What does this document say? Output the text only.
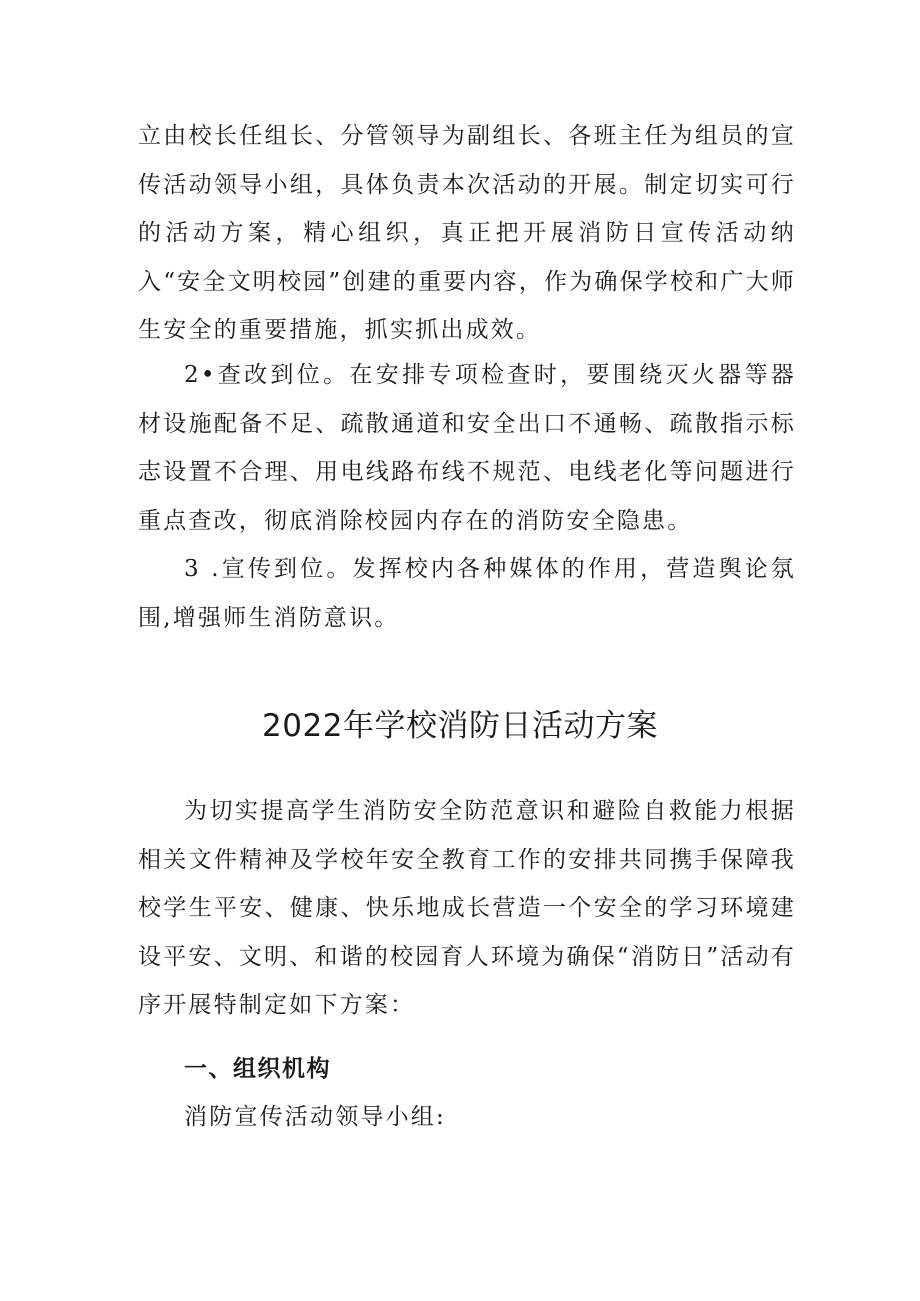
立由校长任组长、分管领导为副组长、各班主任为组员的宣传活动领导小组，具体负责本次活动的开展。制定切实可行的活动方案，精心组织，真正把开展消防日宣传活动纳入“安全文明校园”创建的重要内容，作为确保学校和广大师生安全的重要措施，抓实抓出成效。

2•查改到位。在安排专项检查时，要围绕灭火器等器材设施配备不足、疏散通道和安全出口不通畅、疏散指示标志设置不合理、用电线路布线不规范、电线老化等问题进行重点查改，彻底消除校园内存在的消防安全隐患。

3 .宣传到位。发挥校内各种媒体的作用，营造舆论氛围,增强师生消防意识。

2022年学校消防日活动方案

为切实提高学生消防安全防范意识和避险自救能力根据相关文件精神及学校年安全教育工作的安排共同携手保障我校学生平安、健康、快乐地成长营造一个安全的学习环境建设平安、文明、和谐的校园育人环境为确保“消防日”活动有序开展特制定如下方案：

一、组织机构

消防宣传活动领导小组:
